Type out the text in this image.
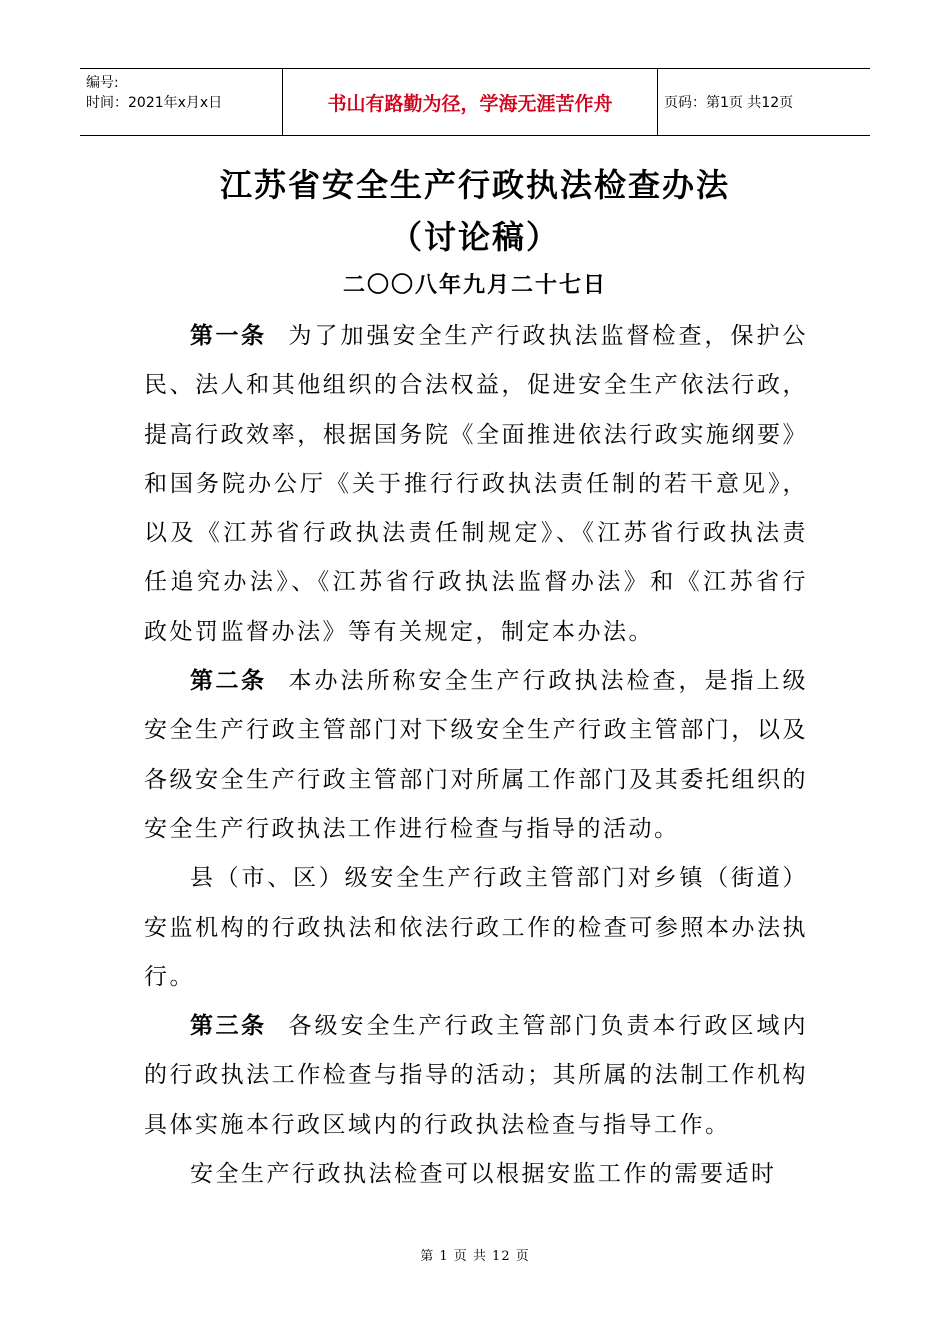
编号:
时间：2021年x月x日	书山有路勤为径，学海无涯苦作舟	页码：第1页 共12页
江苏省安全生产行政执法检查办法
（讨论稿）
二〇〇八年九月二十七日

第一条 为了加强安全生产行政执法监督检查，保护公民、法人和其他组织的合法权益，促进安全生产依法行政，提高行政效率，根据国务院《全面推进依法行政实施纲要》和国务院办公厅《关于推行行政执法责任制的若干意见》，以及《江苏省行政执法责任制规定》、《江苏省行政执法责任追究办法》、《江苏省行政执法监督办法》和《江苏省行政处罚监督办法》等有关规定，制定本办法。

第二条 本办法所称安全生产行政执法检查，是指上级安全生产行政主管部门对下级安全生产行政主管部门，以及各级安全生产行政主管部门对所属工作部门及其委托组织的安全生产行政执法工作进行检查与指导的活动。

县（市、区）级安全生产行政主管部门对乡镇（街道）安监机构的行政执法和依法行政工作的检查可参照本办法执行。

第三条 各级安全生产行政主管部门负责本行政区域内的行政执法工作检查与指导的活动；其所属的法制工作机构具体实施本行政区域内的行政执法检查与指导工作。

安全生产行政执法检查可以根据安监工作的需要适时

第 1 页 共 12 页
